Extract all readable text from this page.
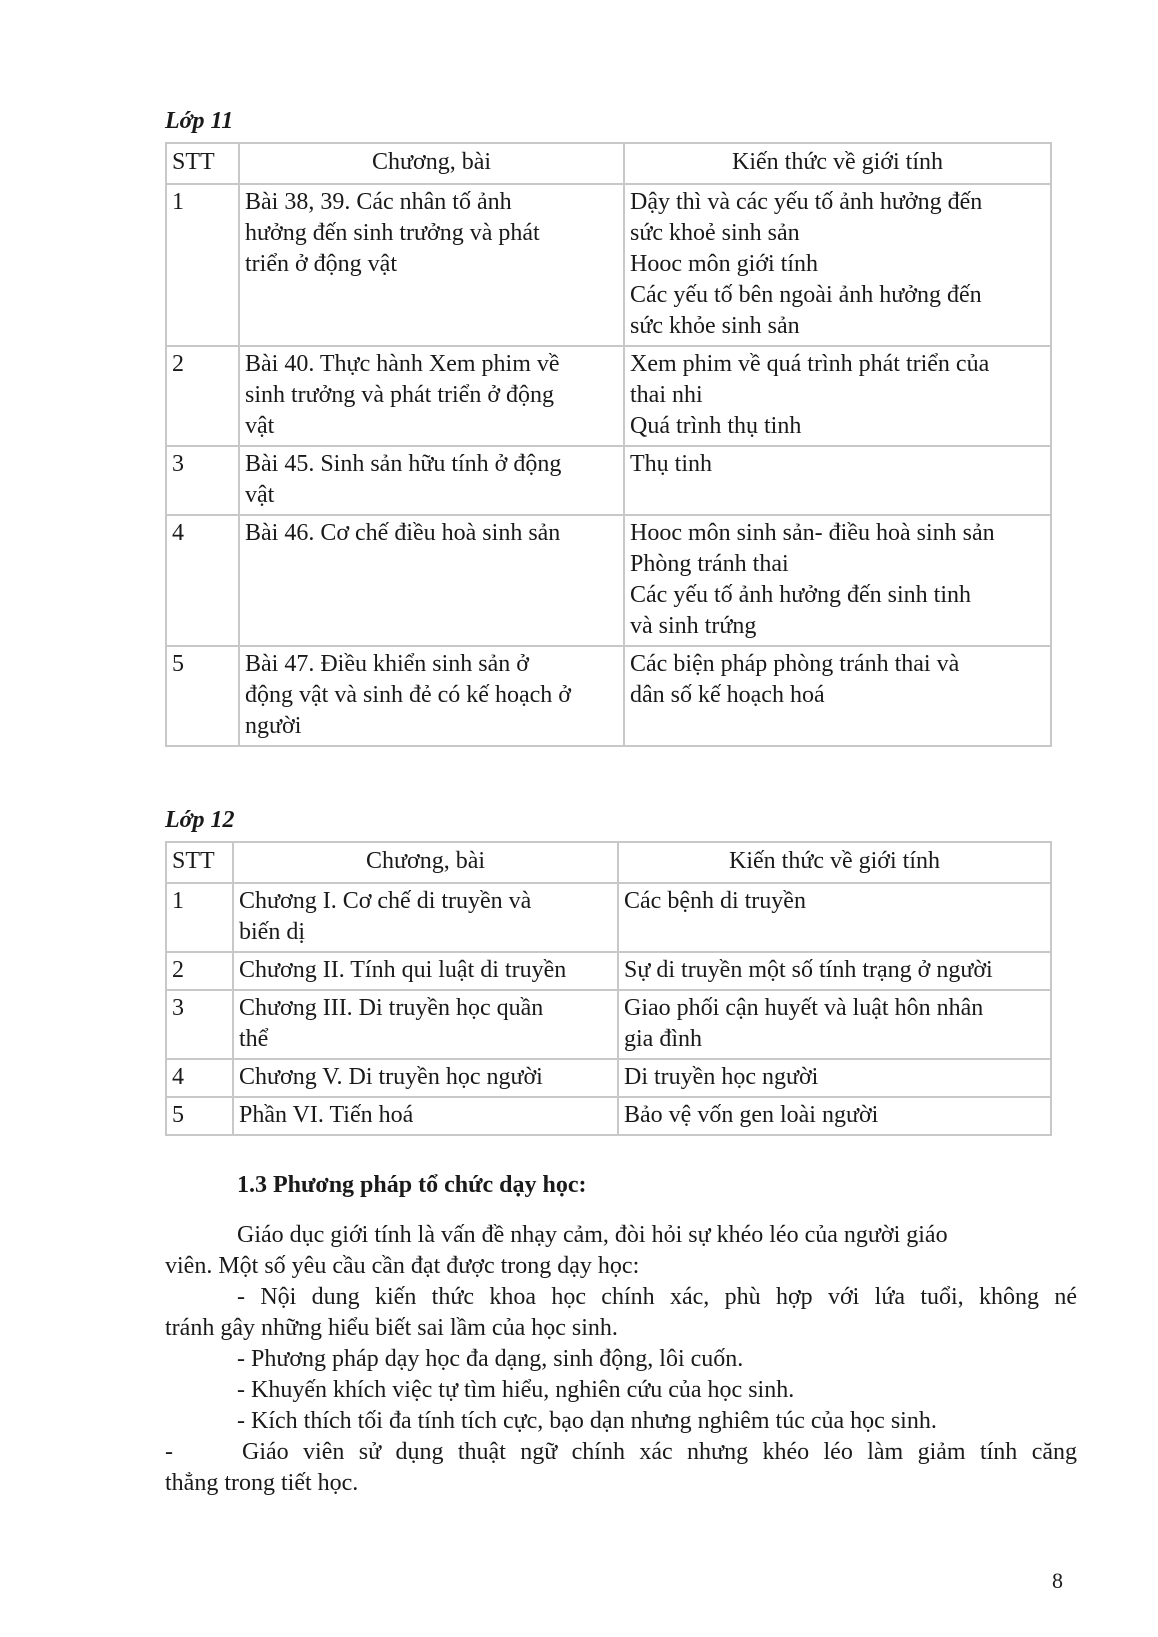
Lớp 11
STT	Chương, bài	Kiến thức về giới tính
1	Bài 38, 39. Các nhân tố ảnh
hưởng đến sinh trưởng và phát
triển ở động vật	Dậy thì và các yếu tố ảnh hưởng đến
sức khoẻ sinh sản
Hooc môn giới tính
Các yếu tố bên ngoài ảnh hưởng đến
sức khỏe sinh sản

2	Bài 40. Thực hành Xem phim về
sinh trưởng và phát triển ở động
vật	Xem phim về quá trình phát triển của
thai nhi
Quá trình thụ tinh

3	Bài 45. Sinh sản hữu tính ở động
vật	Thụ tinh

4	Bài 46. Cơ chế điều hoà sinh sản	Hooc môn sinh sản- điều hoà sinh sản
Phòng tránh thai
Các yếu tố ảnh hưởng đến sinh tinh
và sinh trứng

5	Bài 47. Điều khiển sinh sản ở
động vật và sinh đẻ có kế hoạch ở
người	Các biện pháp phòng tránh thai và
dân số kế hoạch hoá
Lớp 12
STT	Chương, bài	Kiến thức về giới tính
1	Chương I. Cơ chế di truyền và
biến dị	Các bệnh di truyền

2	Chương II. Tính qui luật di truyền	Sự di truyền một số tính trạng ở người

3	Chương III. Di truyền học quần
thể	Giao phối cận huyết và luật hôn nhân
gia đình

4	Chương V. Di truyền học người	Di truyền học người

5	Phần VI. Tiến hoá	Bảo vệ vốn gen loài người
1.3 Phương pháp tổ chức dạy học:
Giáo dục giới tính là vấn đề nhạy cảm, đòi hỏi sự khéo léo của người giáo
viên. Một số yêu cầu cần đạt được trong dạy học:
- Nội dung kiến thức khoa học chính xác, phù hợp với lứa tuổi, không né
tránh gây những hiểu biết sai lầm của học sinh.
- Phương pháp dạy học đa dạng, sinh động, lôi cuốn.
- Khuyến khích việc tự tìm hiểu, nghiên cứu của học sinh.
- Kích thích tối đa tính tích cực, bạo dạn nhưng nghiêm túc của học sinh.
-	Giáo viên sử dụng thuật ngữ chính xác nhưng khéo léo làm giảm tính căng
thẳng trong tiết học.
8
